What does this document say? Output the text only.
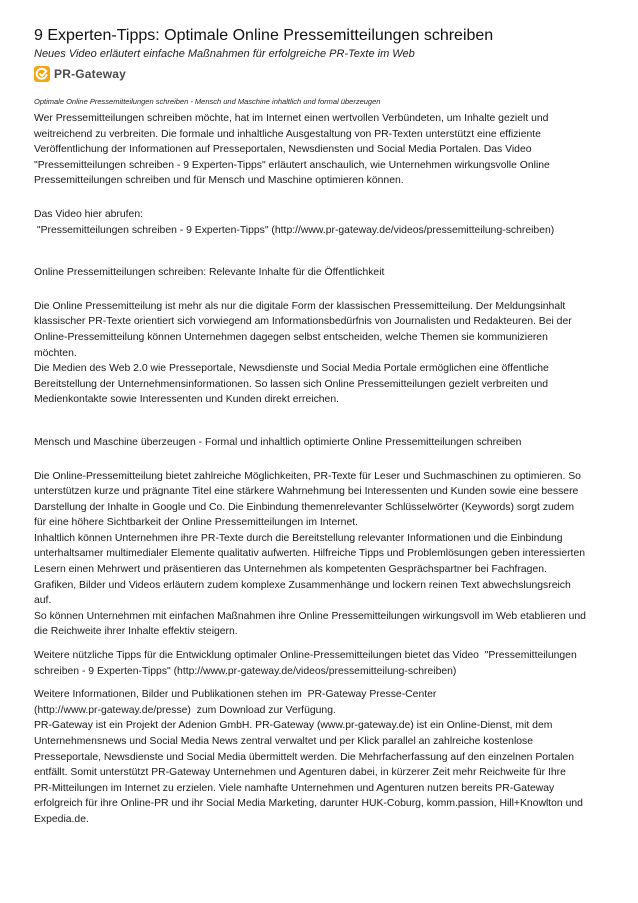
9 Experten-Tipps: Optimale Online Pressemitteilungen schreiben
Neues Video erläutert einfache Maßnahmen für erfolgreiche PR-Texte im Web
PR-Gateway
Optimale Online Pressemitteilungen schreiben - Mensch und Maschine inhaltlich und formal überzeugen

Wer Pressemitteilungen schreiben möchte, hat im Internet einen wertvollen Verbündeten, um Inhalte gezielt und

weitreichend zu verbreiten. Die formale und inhaltliche Ausgestaltung von PR-Texten unterstützt eine effiziente

Veröffentlichung der Informationen auf Presseportalen, Newsdiensten und Social Media Portalen. Das Video

"Pressemitteilungen schreiben - 9 Experten-Tipps" erläutert anschaulich, wie Unternehmen wirkungsvolle Online

Pressemitteilungen schreiben und für Mensch und Maschine optimieren können.

Das Video hier abrufen:

"Pressemitteilungen schreiben - 9 Experten-Tipps" (http://www.pr-gateway.de/videos/pressemitteilung-schreiben)

Online Pressemitteilungen schreiben: Relevante Inhalte für die Öffentlichkeit

Die Online Pressemitteilung ist mehr als nur die digitale Form der klassischen Pressemitteilung. Der Meldungsinhalt

klassischer PR-Texte orientiert sich vorwiegend am Informationsbedürfnis von Journalisten und Redakteuren. Bei der

Online-Pressemitteilung können Unternehmen dagegen selbst entscheiden, welche Themen sie kommunizieren

möchten.

Die Medien des Web 2.0 wie Presseportale, Newsdienste und Social Media Portale ermöglichen eine öffentliche

Bereitstellung der Unternehmensinformationen. So lassen sich Online Pressemitteilungen gezielt verbreiten und

Medienkontakte sowie Interessenten und Kunden direkt erreichen.

Mensch und Maschine überzeugen - Formal und inhaltlich optimierte Online Pressemitteilungen schreiben

Die Online-Pressemitteilung bietet zahlreiche Möglichkeiten, PR-Texte für Leser und Suchmaschinen zu optimieren. So

unterstützen kurze und prägnante Titel eine stärkere Wahrnehmung bei Interessenten und Kunden sowie eine bessere

Darstellung der Inhalte in Google und Co. Die Einbindung themenrelevanter Schlüsselwörter (Keywords) sorgt zudem

für eine höhere Sichtbarkeit der Online Pressemitteilungen im Internet.

Inhaltlich können Unternehmen ihre PR-Texte durch die Bereitstellung relevanter Informationen und die Einbindung

unterhaltsamer multimedialer Elemente qualitativ aufwerten. Hilfreiche Tipps und Problemlösungen geben interessierten

Lesern einen Mehrwert und präsentieren das Unternehmen als kompetenten Gesprächspartner bei Fachfragen.

Grafiken, Bilder und Videos erläutern zudem komplexe Zusammenhänge und lockern reinen Text abwechslungsreich

auf.

So können Unternehmen mit einfachen Maßnahmen ihre Online Pressemitteilungen wirkungsvoll im Web etablieren und

die Reichweite ihrer Inhalte effektiv steigern.

Weitere nützliche Tipps für die Entwicklung optimaler Online-Pressemitteilungen bietet das Video  "Pressemitteilungen

schreiben - 9 Experten-Tipps" (http://www.pr-gateway.de/videos/pressemitteilung-schreiben)

Weitere Informationen, Bilder und Publikationen stehen im  PR-Gateway Presse-Center

(http://www.pr-gateway.de/presse)  zum Download zur Verfügung.

PR-Gateway ist ein Projekt der Adenion GmbH. PR-Gateway (www.pr-gateway.de) ist ein Online-Dienst, mit dem

Unternehmensnews und Social Media News zentral verwaltet und per Klick parallel an zahlreiche kostenlose

Presseportale, Newsdienste und Social Media übermittelt werden. Die Mehrfacherfassung auf den einzelnen Portalen

entfällt. Somit unterstützt PR-Gateway Unternehmen und Agenturen dabei, in kürzerer Zeit mehr Reichweite für Ihre

PR-Mitteilungen im Internet zu erzielen. Viele namhafte Unternehmen und Agenturen nutzen bereits PR-Gateway

erfolgreich für ihre Online-PR und ihr Social Media Marketing, darunter HUK-Coburg, komm.passion, Hill+Knowlton und

Expedia.de.
